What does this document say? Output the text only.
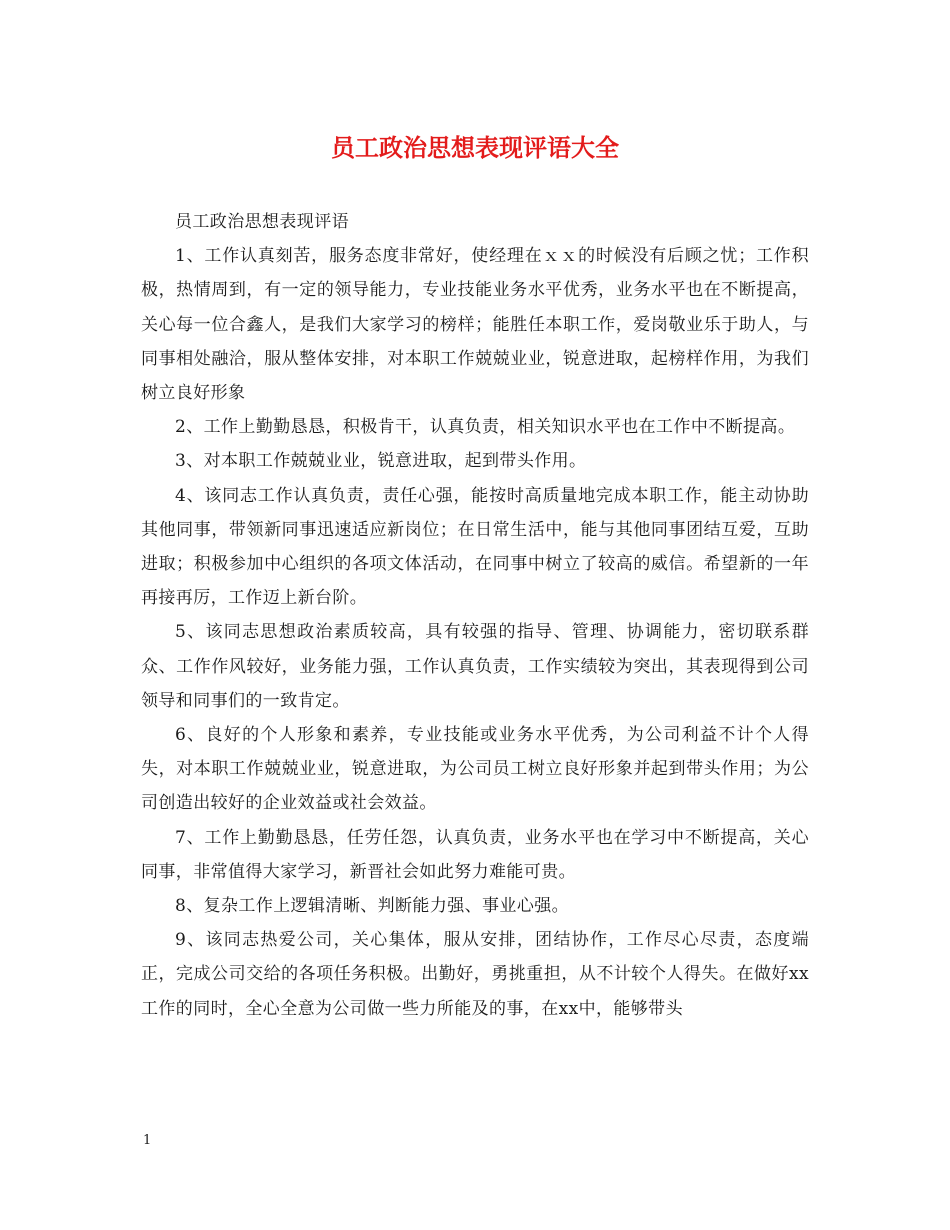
员工政治思想表现评语大全

员工政治思想表现评语

1、工作认真刻苦，服务态度非常好，使经理在ｘｘ的时候没有后顾之忧；工作积极，热情周到，有一定的领导能力，专业技能业务水平优秀，业务水平也在不断提高，关心每一位合鑫人，是我们大家学习的榜样；能胜任本职工作，爱岗敬业乐于助人，与同事相处融洽，服从整体安排，对本职工作兢兢业业，锐意进取，起榜样作用，为我们树立良好形象

2、工作上勤勤恳恳，积极肯干，认真负责，相关知识水平也在工作中不断提高。

3、对本职工作兢兢业业，锐意进取，起到带头作用。

4、该同志工作认真负责，责任心强，能按时高质量地完成本职工作，能主动协助其他同事，带领新同事迅速适应新岗位；在日常生活中，能与其他同事团结互爱，互助进取；积极参加中心组织的各项文体活动，在同事中树立了较高的威信。希望新的一年再接再厉，工作迈上新台阶。

5、该同志思想政治素质较高，具有较强的指导、管理、协调能力，密切联系群众、工作作风较好，业务能力强，工作认真负责，工作实绩较为突出，其表现得到公司领导和同事们的一致肯定。

6、良好的个人形象和素养，专业技能或业务水平优秀，为公司利益不计个人得失，对本职工作兢兢业业，锐意进取，为公司员工树立良好形象并起到带头作用；为公司创造出较好的企业效益或社会效益。

7、工作上勤勤恳恳，任劳任怨，认真负责，业务水平也在学习中不断提高，关心同事，非常值得大家学习，新晋社会如此努力难能可贵。

8、复杂工作上逻辑清晰、判断能力强、事业心强。

9、该同志热爱公司，关心集体，服从安排，团结协作，工作尽心尽责，态度端正，完成公司交给的各项任务积极。出勤好，勇挑重担，从不计较个人得失。在做好xx工作的同时，全心全意为公司做一些力所能及的事，在xx中，能够带头

1
